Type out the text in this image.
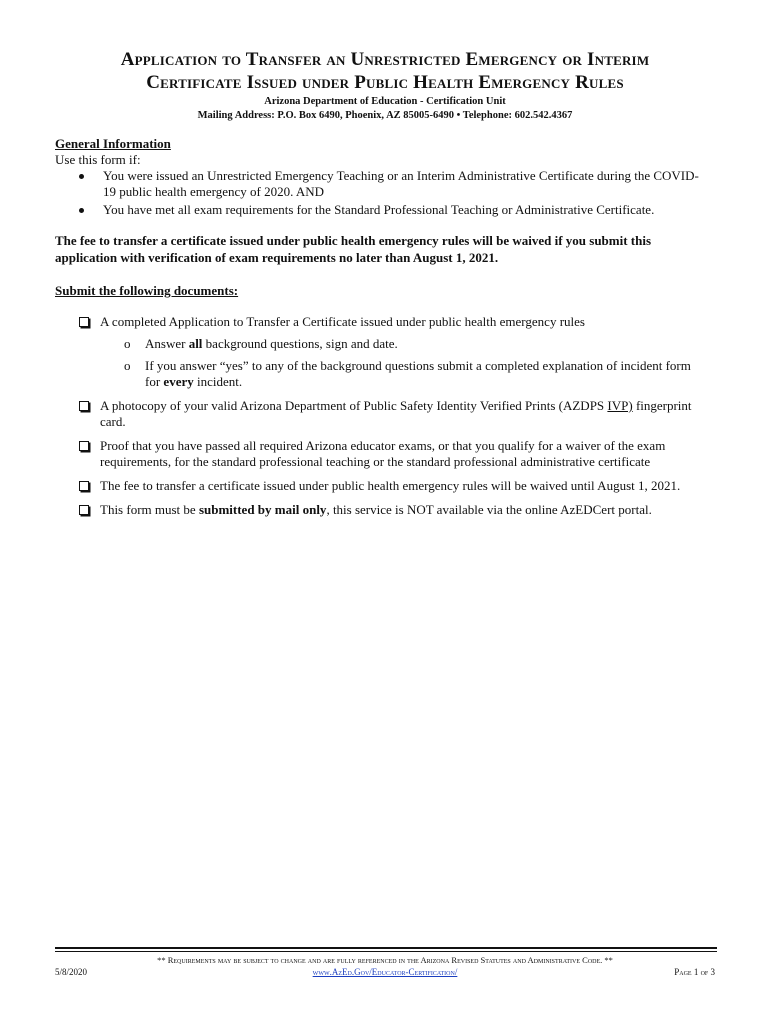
Application to Transfer an Unrestricted Emergency or Interim
Certificate Issued under Public Health Emergency Rules
Arizona Department of Education - Certification Unit
Mailing Address: P.O. Box 6490, Phoenix, AZ 85005-6490 • Telephone: 602.542.4367
General Information
Use this form if:
You were issued an Unrestricted Emergency Teaching or an Interim Administrative Certificate during the COVID-19 public health emergency of 2020. AND
You have met all exam requirements for the Standard Professional Teaching or Administrative Certificate.
The fee to transfer a certificate issued under public health emergency rules will be waived if you submit this application with verification of exam requirements no later than August 1, 2021.
Submit the following documents:
A completed Application to Transfer a Certificate issued under public health emergency rules
o Answer all background questions, sign and date.
o If you answer “yes” to any of the background questions submit a completed explanation of incident form for every incident.
A photocopy of your valid Arizona Department of Public Safety Identity Verified Prints (AZDPS IVP) fingerprint card.
Proof that you have passed all required Arizona educator exams, or that you qualify for a waiver of the exam requirements, for the standard professional teaching or the standard professional administrative certificate
The fee to transfer a certificate issued under public health emergency rules will be waived until August 1, 2021.
This form must be submitted by mail only, this service is NOT available via the online AzEDCert portal.
** Requirements may be subject to change and are fully referenced in the Arizona Revised Statutes and Administrative Code. **
5/8/2020	www.AzEd.Gov/Educator-Certification/	Page 1 of 3
